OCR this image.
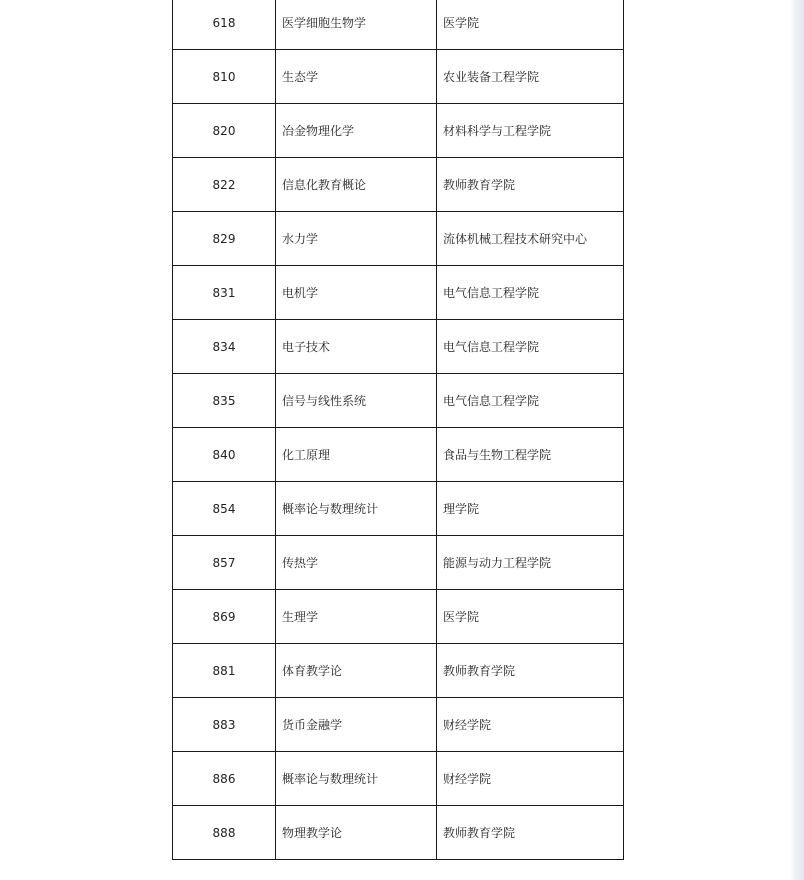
618	医学细胞生物学	医学院
810	生态学	农业装备工程学院
820	冶金物理化学	材料科学与工程学院
822	信息化教育概论	教师教育学院
829	水力学	流体机械工程技术研究中心
831	电机学	电气信息工程学院
834	电子技术	电气信息工程学院
835	信号与线性系统	电气信息工程学院
840	化工原理	食品与生物工程学院
854	概率论与数理统计	理学院
857	传热学	能源与动力工程学院
869	生理学	医学院
881	体育教学论	教师教育学院
883	货币金融学	财经学院
886	概率论与数理统计	财经学院
888	物理教学论	教师教育学院
